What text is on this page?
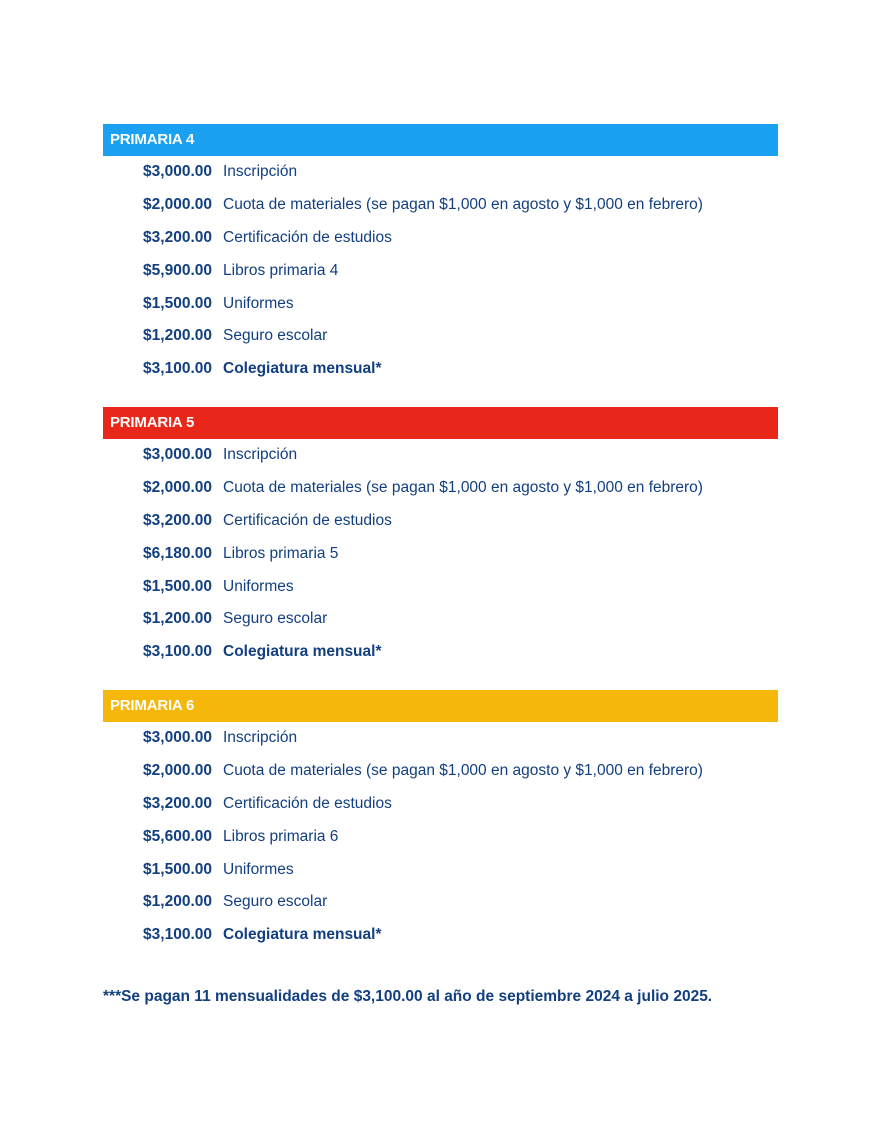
PRIMARIA 4
$3,000.00 Inscripción
$2,000.00 Cuota de materiales (se pagan $1,000 en agosto y $1,000 en febrero)
$3,200.00 Certificación de estudios
$5,900.00 Libros primaria 4
$1,500.00 Uniformes
$1,200.00 Seguro escolar
$3,100.00 Colegiatura mensual*
PRIMARIA 5
$3,000.00 Inscripción
$2,000.00 Cuota de materiales (se pagan $1,000 en agosto y $1,000 en febrero)
$3,200.00 Certificación de estudios
$6,180.00 Libros primaria 5
$1,500.00 Uniformes
$1,200.00 Seguro escolar
$3,100.00 Colegiatura mensual*
PRIMARIA 6
$3,000.00 Inscripción
$2,000.00 Cuota de materiales (se pagan $1,000 en agosto y $1,000 en febrero)
$3,200.00 Certificación de estudios
$5,600.00 Libros primaria 6
$1,500.00 Uniformes
$1,200.00 Seguro escolar
$3,100.00 Colegiatura mensual*
***Se pagan 11 mensualidades de $3,100.00 al año de septiembre 2024 a julio 2025.
